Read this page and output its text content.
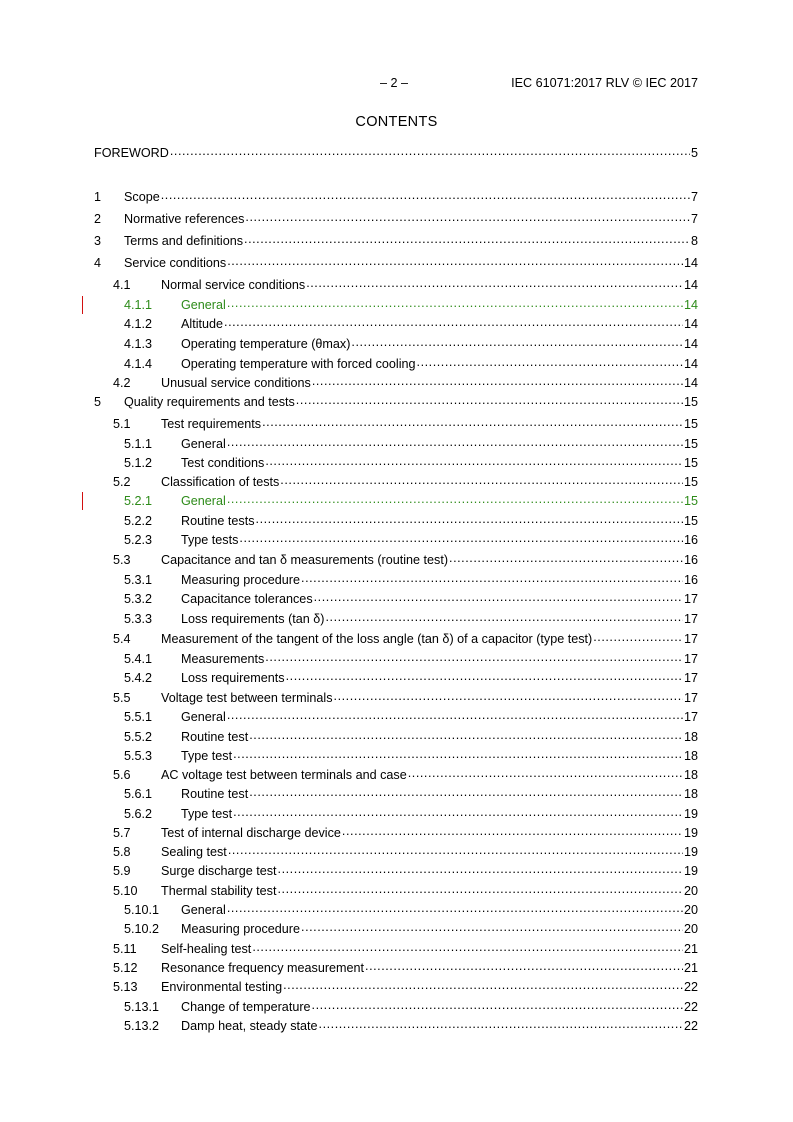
– 2 –	IEC 61071:2017 RLV © IEC 2017
CONTENTS
FOREWORD .....	5
1	Scope .....	7
2	Normative references .....	7
3	Terms and definitions .....	8
4	Service conditions .....	14
4.1	Normal service conditions .....	14
4.1.1	General .....	14
4.1.2	Altitude .....	14
4.1.3	Operating temperature (θmax) .....	14
4.1.4	Operating temperature with forced cooling .....	14
4.2	Unusual service conditions .....	14
5	Quality requirements and tests .....	15
5.1	Test requirements .....	15
5.1.1	General .....	15
5.1.2	Test conditions .....	15
5.2	Classification of tests .....	15
5.2.1	General .....	15
5.2.2	Routine tests .....	15
5.2.3	Type tests .....	16
5.3	Capacitance and tan δ measurements (routine test) .....	16
5.3.1	Measuring procedure .....	16
5.3.2	Capacitance tolerances .....	17
5.3.3	Loss requirements (tan δ) .....	17
5.4	Measurement of the tangent of the loss angle (tan δ) of a capacitor (type test) .....	17
5.4.1	Measurements .....	17
5.4.2	Loss requirements .....	17
5.5	Voltage test between terminals .....	17
5.5.1	General .....	17
5.5.2	Routine test .....	18
5.5.3	Type test .....	18
5.6	AC voltage test between terminals and case .....	18
5.6.1	Routine test .....	18
5.6.2	Type test .....	19
5.7	Test of internal discharge device .....	19
5.8	Sealing test .....	19
5.9	Surge discharge test .....	19
5.10	Thermal stability test .....	20
5.10.1	General .....	20
5.10.2	Measuring procedure .....	20
5.11	Self-healing test .....	21
5.12	Resonance frequency measurement .....	21
5.13	Environmental testing .....	22
5.13.1	Change of temperature .....	22
5.13.2	Damp heat, steady state .....	22
